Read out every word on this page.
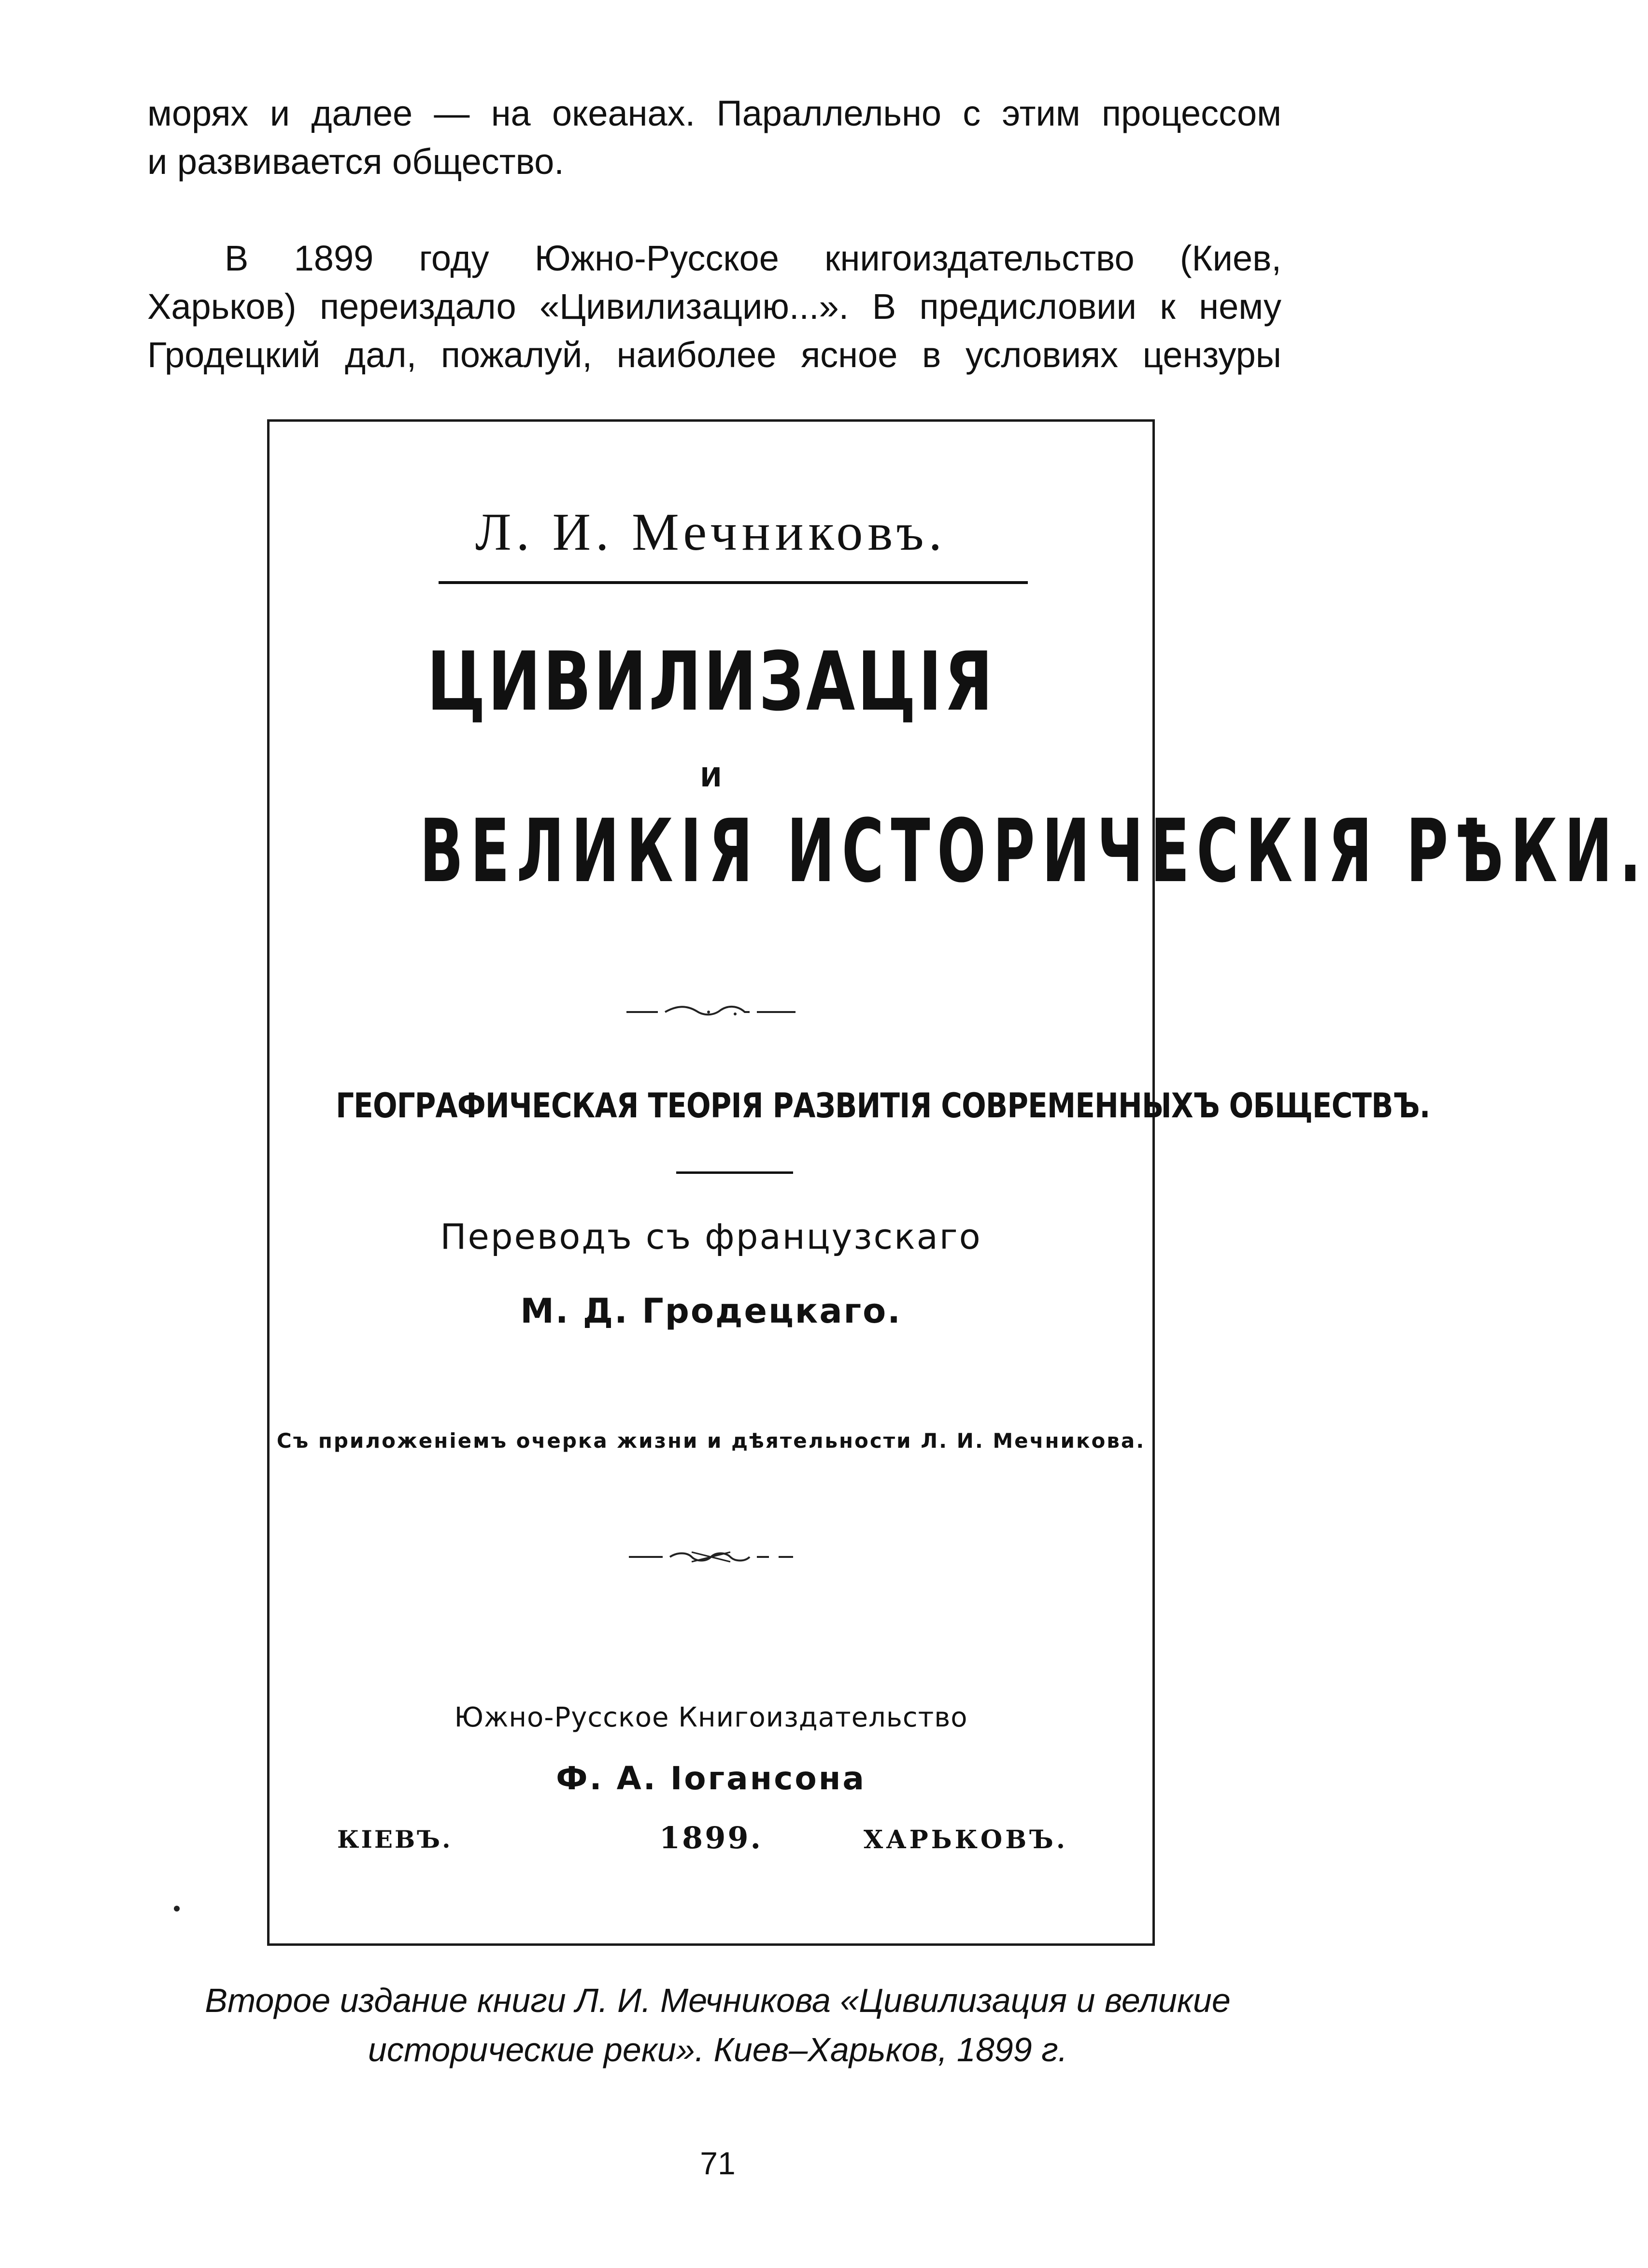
морях и далее — на океанах. Параллельно с этим процессом

и развивается общество.

В 1899 году Южно-Русское книгоиздательство (Киев,

Харьков) переиздало «Цивилизацию...». В предисловии к нему

Гродецкий дал, пожалуй, наиболее ясное в условиях цензуры

Л. И. Мечниковъ.
ЦИВИЛИЗАЦІЯ
И
ВЕЛИКІЯ ИСТОРИЧЕСКІЯ РѢКИ.
ГЕОГРАФИЧЕСКАЯ ТЕОРІЯ РАЗВИТІЯ СОВРЕМЕННЫХЪ ОБЩЕСТВЪ.
Переводъ съ французскаго
М. Д. Гродецкаго.
Съ приложеніемъ очерка жизни и дѣятельности Л. И. Мечникова.
Южно-Русское Книгоиздательство
Ф. А. Іогансона
КІЕВЪ.	1899.	ХАРЬКОВЪ.
Второе издание книги Л. И. Мечникова «Цивилизация и великие
исторические реки». Киев–Харьков, 1899 г.
71
